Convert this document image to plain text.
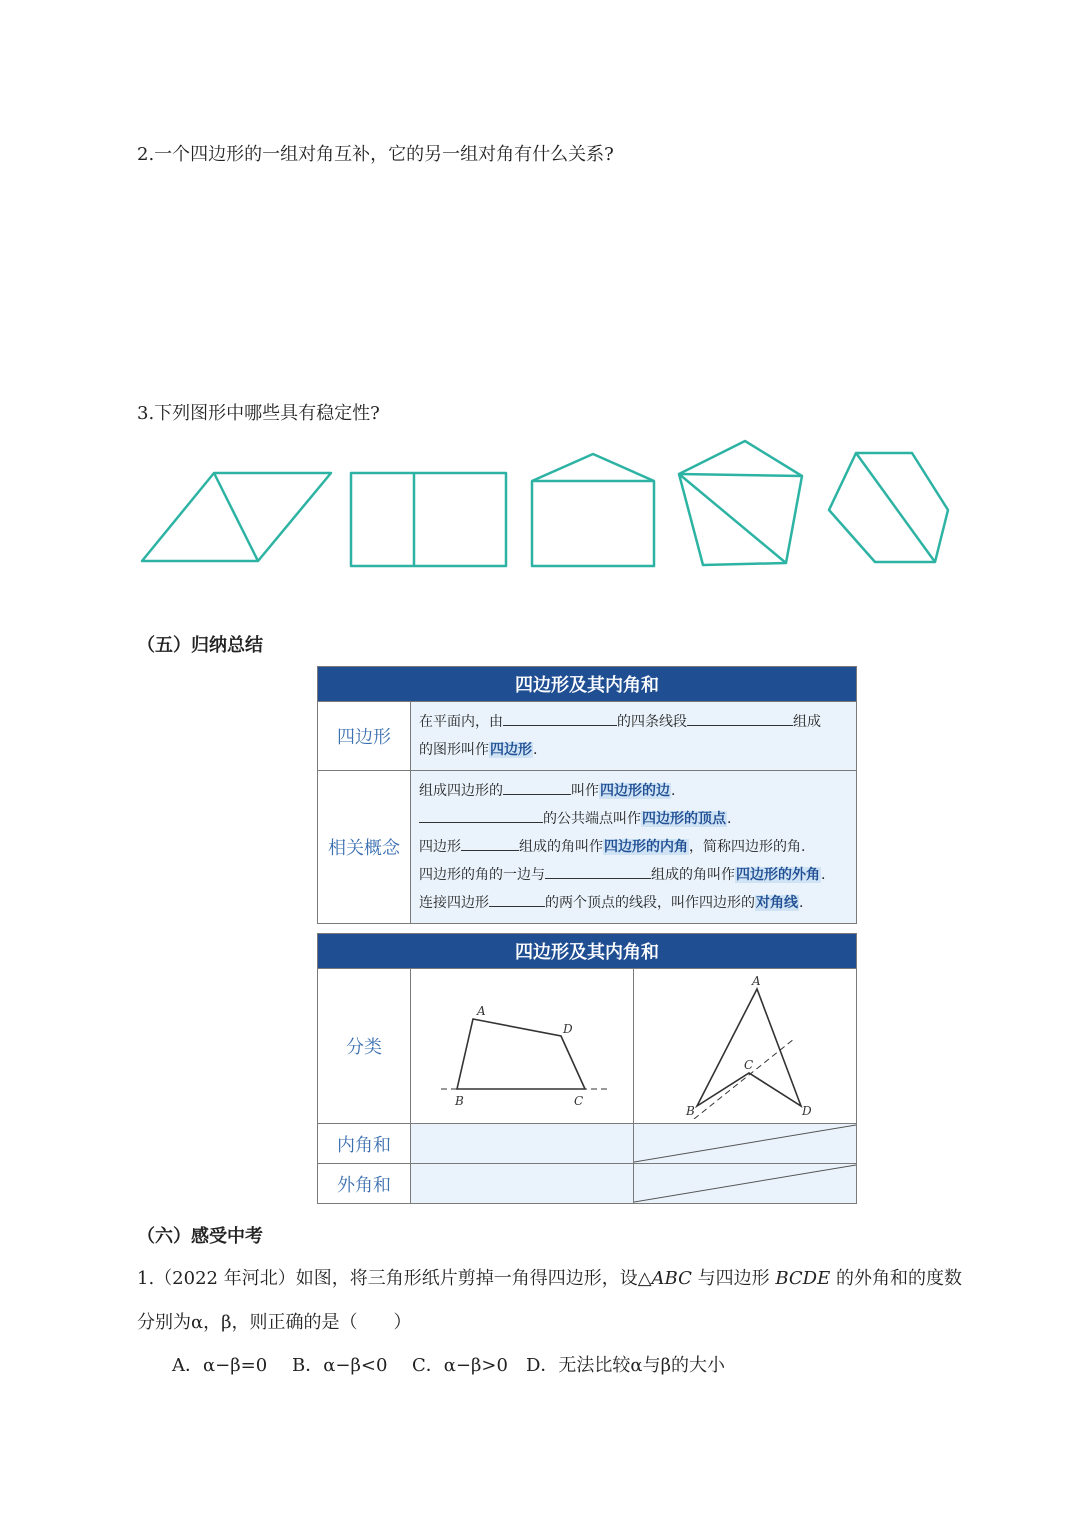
2.一个四边形的一组对角互补，它的另一组对角有什么关系?
3.下列图形中哪些具有稳定性?
（五）归纳总结
四边形及其内角和	
四边形	在平面内，由 的四条线段 组成
的图形叫作四边形.
相关概念	组成四边形的 叫作四边形的边.
的公共端点叫作四边形的顶点.
四边形 组成的角叫作四边形的内角，简称四边形的角.
四边形的角的一边与 组成的角叫作四边形的外角.
连接四边形 的两个顶点的线段，叫作四边形的对角线.
四边形及其内角和		
分类	A
D
B C	A
C
B D

内角和		

外角和		
（六）感受中考
1.（2022 年河北）如图，将三角形纸片剪掉一角得四边形，设△ABC 与四边形 BCDE 的外角和的度数
分别为α，β，则正确的是（　　）
A．α−β=0 B．α−β<0 C．α−β>0 D．无法比较α与β的大小
